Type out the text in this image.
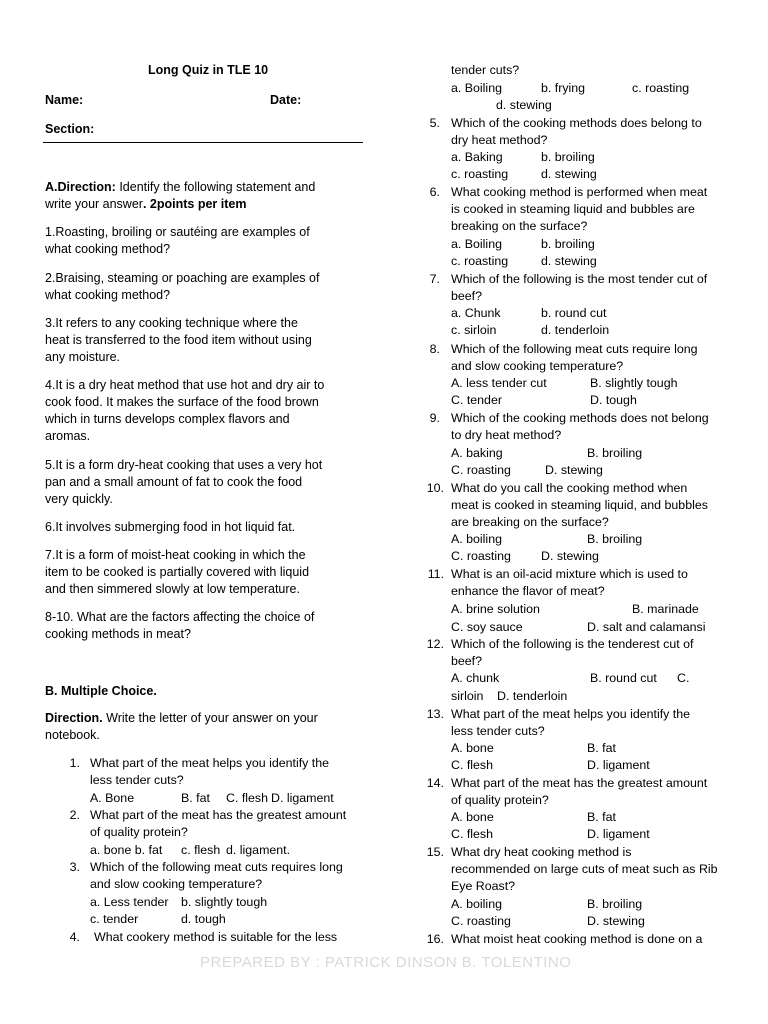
Long Quiz in TLE 10
Name:	Date:
Section:
A.Direction: Identify the following statement and
write your answer. 2points per item
1.Roasting, broiling or sautéing are examples of
what cooking method?
2.Braising, steaming or poaching are examples of
what cooking method?
3.It refers to any cooking technique where the
heat is transferred to the food item without using
any moisture.
4.It is a dry heat method that use hot and dry air to
cook food. It makes the surface of the food brown
which in turns develops complex flavors and
aromas.
5.It is a form dry-heat cooking that uses a very hot
pan and a small amount of fat to cook the food
very quickly.
6.It involves submerging food in hot liquid fat.
7.It is a form of moist-heat cooking in which the
item to be cooked is partially covered with liquid
and then simmered slowly at low temperature.
8-10. What are the factors affecting the choice of
cooking methods in meat?
B. Multiple Choice.
Direction. Write the letter of your answer on your
notebook.
1. What part of the meat helps you identify the
less tender cuts?
A. Bone	B. fat C. flesh D. ligament
2. What part of the meat has the greatest amount
of quality protein?
a. bone b. fat c. flesh d. ligament.
3. Which of the following meat cuts requires long
and slow cooking temperature?
a. Less tender b. slightly tough
c. tender	d. tough
4. What cookery method is suitable for the less
tender cuts?
a. Boiling	b. frying	c. roasting
d. stewing
5. Which of the cooking methods does belong to
dry heat method?
a. Baking	b. broiling
c. roasting	d. stewing
6. What cooking method is performed when meat
is cooked in steaming liquid and bubbles are
breaking on the surface?
a. Boiling	b. broiling
c. roasting	d. stewing
7. Which of the following is the most tender cut of
beef?
a. Chunk	b. round cut
c. sirloin	d. tenderloin
8. Which of the following meat cuts require long
and slow cooking temperature?
A. less tender cut	B. slightly tough
C. tender	D. tough
9. Which of the cooking methods does not belong
to dry heat method?
A. baking	B. broiling
C. roasting	D. stewing
10. What do you call the cooking method when
meat is cooked in steaming liquid, and bubbles
are breaking on the surface?
A. boiling	B. broiling
C. roasting D. stewing
11. What is an oil-acid mixture which is used to
enhance the flavor of meat?
A. brine solution	B. marinade
C. soy sauce	D. salt and calamansi
12. Which of the following is the tenderest cut of
beef?
A. chunk	B. round cut C.
sirloin D. tenderloin
13. What part of the meat helps you identify the
less tender cuts?
A. bone	B. fat
C. flesh	D. ligament
14. What part of the meat has the greatest amount
of quality protein?
A. bone	B. fat
C. flesh	D. ligament
15. What dry heat cooking method is
recommended on large cuts of meat such as Rib
Eye Roast?
A. boiling	B. broiling
C. roasting	D. stewing
16. What moist heat cooking method is done on a
PREPARED BY : PATRICK DINSON B. TOLENTINO
